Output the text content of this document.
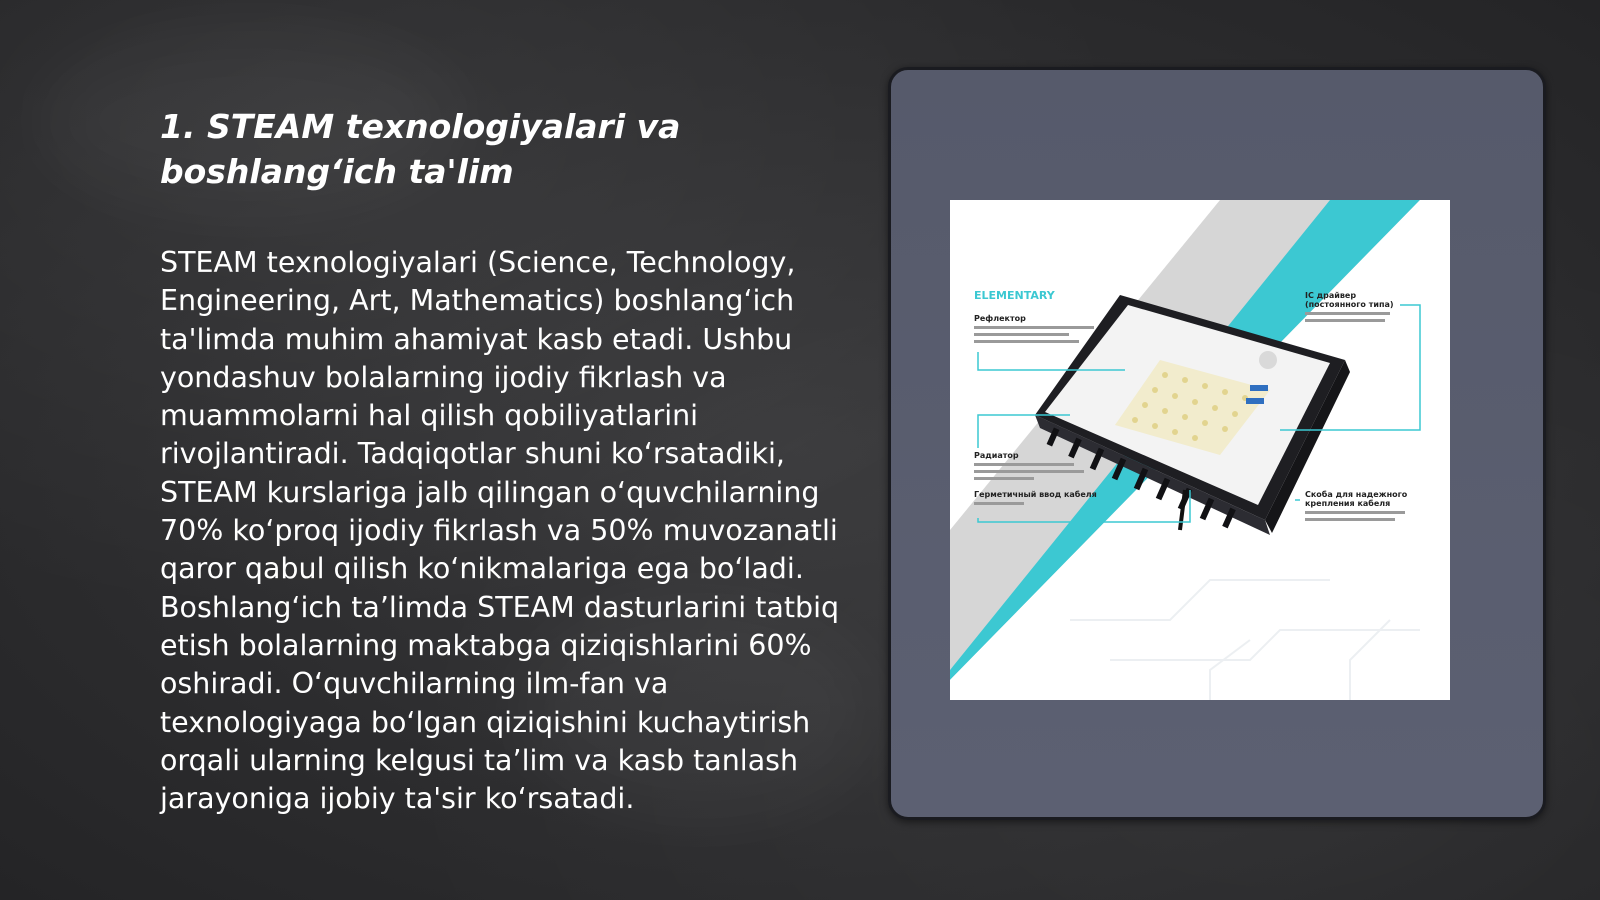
1. STEAM texnologiyalari va boshlang‘ich ta'lim

STEAM texnologiyalari (Science, Technology, Engineering, Art, Mathematics) boshlang‘ich ta'limda muhim ahamiyat kasb etadi. Ushbu yondashuv bolalarning ijodiy fikrlash va muammolarni hal qilish qobiliyatlarini rivojlantiradi. Tadqiqotlar shuni ko‘rsatadiki, STEAM kurslariga jalb qilingan o‘quvchilarning 70% ko‘proq ijodiy fikrlash va 50% muvozanatli qaror qabul qilish ko‘nikmalariga ega bo‘ladi. Boshlang‘ich ta’limda STEAM dasturlarini tatbiq etish bolalarning maktabga qiziqishlarini 60% oshiradi. O‘quvchilarning ilm-fan va texnologiyaga bo‘lgan qiziqishini kuchaytirish orqali ularning kelgusi ta’lim va kasb tanlash jarayoniga ijobiy ta'sir ko‘rsatadi.

ELEMENTARY
Рефлектор
Радиатор
Герметичный ввод кабеля
IC драйвер
(постоянного типа)
Скоба для надежного
крепления кабеля
